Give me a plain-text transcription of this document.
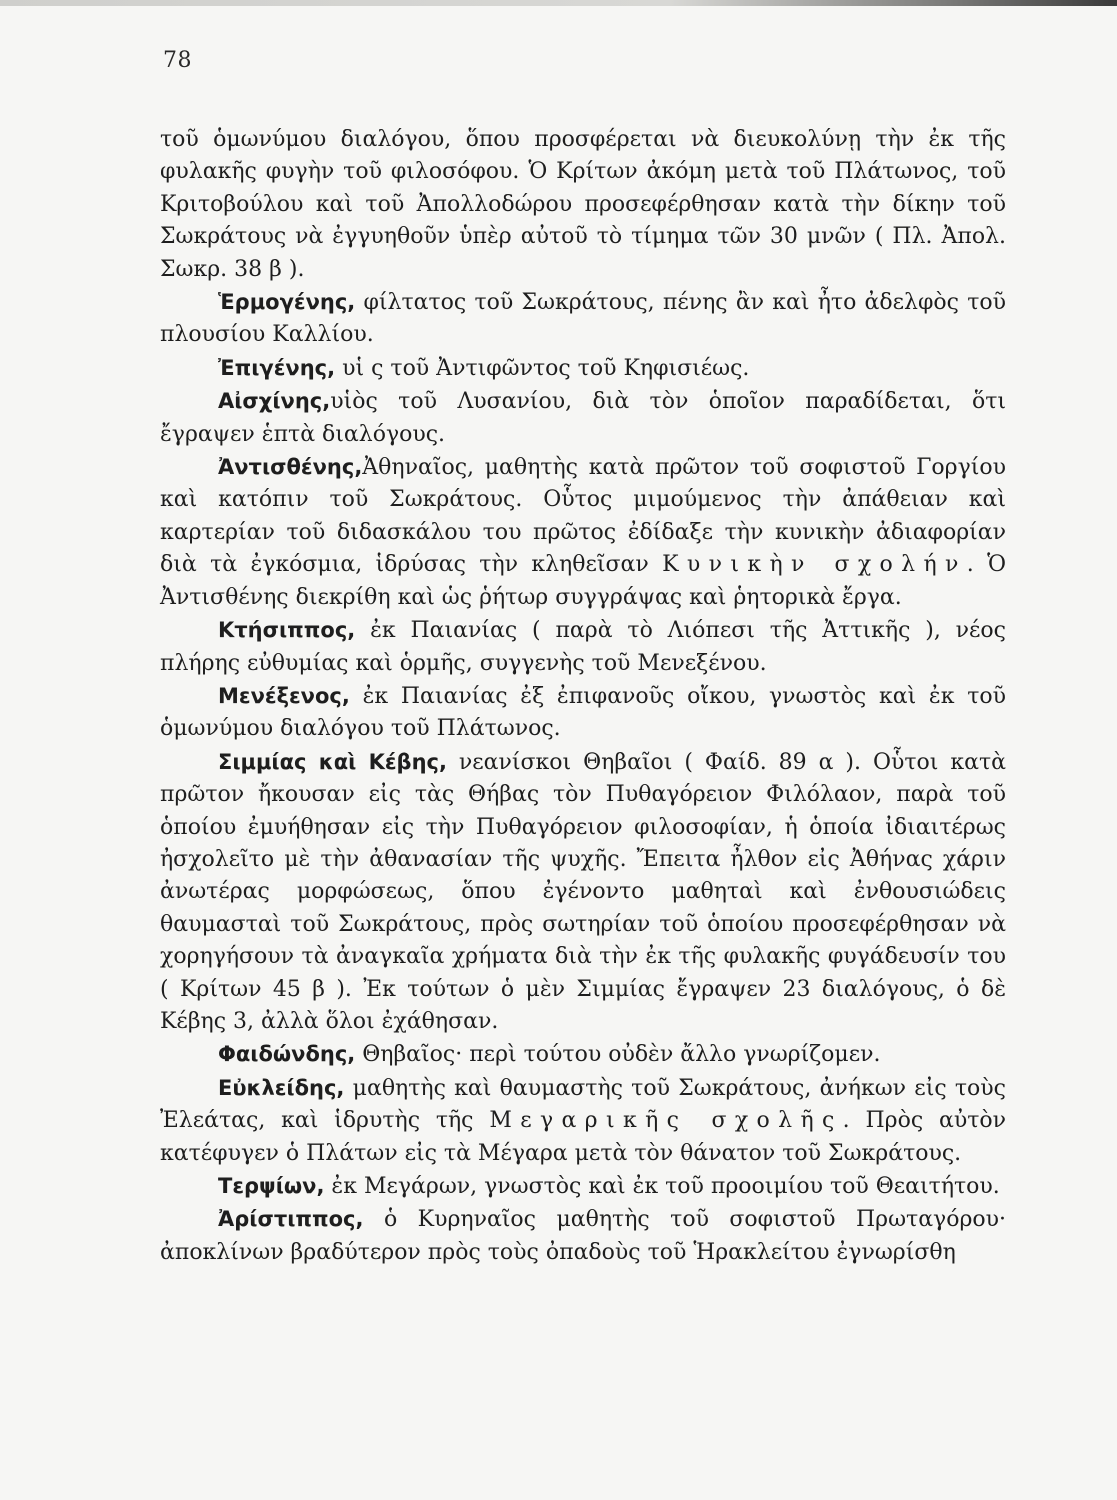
78

τοῦ ὁμωνύμου διαλόγου, ὅπου προσφέρεται νὰ διευκολύνῃ τὴν ἐκ τῆς φυλακῆς φυγὴν τοῦ φιλοσόφου. Ὁ Κρίτων ἀκόμη μετὰ τοῦ Πλάτωνος, τοῦ Κριτοβούλου καὶ τοῦ Ἀπολλοδώρου προσεφέρθησαν κατὰ τὴν δίκην τοῦ Σωκράτους νὰ ἐγγυηθοῦν ὑπὲρ αὐτοῦ τὸ τίμημα τῶν 30 μνῶν ( Πλ. Ἀπολ. Σωκρ. 38 β ).

Ἑρμογένης, φίλτατος τοῦ Σωκράτους, πένης ἂν καὶ ἦτο ἀδελφὸς τοῦ πλουσίου Καλλίου.

Ἐπιγένης, υἱ ς τοῦ Ἀντιφῶντος τοῦ Κηφισιέως.

Αἰσχίνης,υἱὸς τοῦ Λυσανίου, διὰ τὸν ὁποῖον παραδίδεται, ὅτι ἔγραψεν ἑπτὰ διαλόγους.

Ἀντισθένης,Ἀθηναῖος, μαθητὴς κατὰ πρῶτον τοῦ σοφιστοῦ Γοργίου καὶ κατόπιν τοῦ Σωκράτους. Οὗτος μιμούμενος τὴν ἀπάθειαν καὶ καρτερίαν τοῦ διδασκάλου του πρῶτος ἐδίδαξε τὴν κυνικὴν ἀδιαφορίαν διὰ τὰ ἐγκόσμια, ἱδρύσας τὴν κληθεῖσαν Κυνικὴν σχολήν. Ὁ Ἀντισθένης διεκρίθη καὶ ὡς ῥήτωρ συγγράψας καὶ ῥητορικὰ ἔργα.

Κτήσιππος, ἐκ Παιανίας ( παρὰ τὸ Λιόπεσι τῆς Ἀττικῆς ), νέος πλήρης εὐθυμίας καὶ ὁρμῆς, συγγενὴς τοῦ Μενεξένου.

Μενέξενος, ἐκ Παιανίας ἐξ ἐπιφανοῦς οἴκου, γνωστὸς καὶ ἐκ τοῦ ὁμωνύμου διαλόγου τοῦ Πλάτωνος.

Σιμμίας καὶ Κέβης, νεανίσκοι Θηβαῖοι ( Φαίδ. 89 α ). Οὗτοι κατὰ πρῶτον ἤκουσαν εἰς τὰς Θήβας τὸν Πυθαγόρειον Φιλόλαον, παρὰ τοῦ ὁποίου ἐμυήθησαν εἰς τὴν Πυθαγόρειον φιλοσοφίαν, ἡ ὁποία ἰδιαιτέρως ἠσχολεῖτο μὲ τὴν ἀθανασίαν τῆς ψυχῆς. Ἔπειτα ἦλθον εἰς Ἀθήνας χάριν ἀνωτέρας μορφώσεως, ὅπου ἐγένοντο μαθηταὶ καὶ ἐνθουσιώδεις θαυμασταὶ τοῦ Σωκράτους, πρὸς σωτηρίαν τοῦ ὁποίου προσεφέρθησαν νὰ χορηγήσουν τὰ ἀναγκαῖα χρήματα διὰ τὴν ἐκ τῆς φυλακῆς φυγάδευσίν του ( Κρίτων 45 β ). Ἐκ τούτων ὁ μὲν Σιμμίας ἔγραψεν 23 διαλόγους, ὁ δὲ Κέβης 3, ἀλλὰ ὅλοι ἐχάθησαν.

Φαιδώνδης, Θηβαῖος· περὶ τούτου οὐδὲν ἄλλο γνωρίζομεν.

Εὐκλείδης, μαθητὴς καὶ θαυμαστὴς τοῦ Σωκράτους, ἀνήκων εἰς τοὺς Ἐλεάτας, καὶ ἱδρυτὴς τῆς Μεγαρικῆς σχολῆς. Πρὸς αὐτὸν κατέφυγεν ὁ Πλάτων εἰς τὰ Μέγαρα μετὰ τὸν θάνατον τοῦ Σωκράτους.

Τερψίων, ἐκ Μεγάρων, γνωστὸς καὶ ἐκ τοῦ προοιμίου τοῦ Θεαιτήτου.

Ἀρίστιππος, ὁ Κυρηναῖος μαθητὴς τοῦ σοφιστοῦ Πρωταγόρου· ἀποκλίνων βραδύτερον πρὸς τοὺς ὀπαδοὺς τοῦ Ἡρακλείτου ἐγνωρίσθη
